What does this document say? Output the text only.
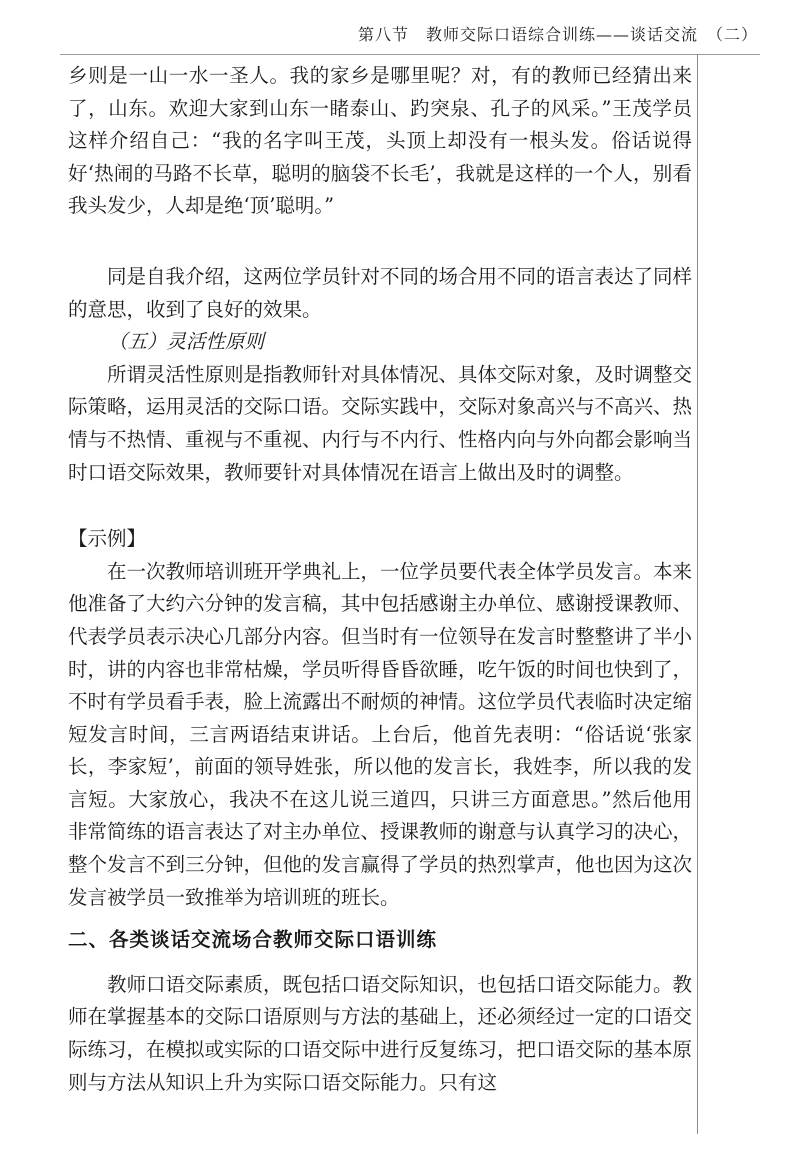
第八节　教师交际口语综合训练——谈话交流　（二）

乡则是一山一水一圣人。我的家乡是哪里呢？对，有的教师已经猜出来了，山东。欢迎大家到山东一睹泰山、趵突泉、孔子的风采。”王茂学员这样介绍自己：“我的名字叫王茂，头顶上却没有一根头发。俗话说得好‘热闹的马路不长草，聪明的脑袋不长毛’，我就是这样的一个人，别看我头发少，人却是绝‘顶’聪明。”

同是自我介绍，这两位学员针对不同的场合用不同的语言表达了同样的意思，收到了良好的效果。

（五）灵活性原则

所谓灵活性原则是指教师针对具体情况、具体交际对象，及时调整交际策略，运用灵活的交际口语。交际实践中，交际对象高兴与不高兴、热情与不热情、重视与不重视、内行与不内行、性格内向与外向都会影响当时口语交际效果，教师要针对具体情况在语言上做出及时的调整。

【示例】

在一次教师培训班开学典礼上，一位学员要代表全体学员发言。本来他准备了大约六分钟的发言稿，其中包括感谢主办单位、感谢授课教师、代表学员表示决心几部分内容。但当时有一位领导在发言时整整讲了半小时，讲的内容也非常枯燥，学员听得昏昏欲睡，吃午饭的时间也快到了，不时有学员看手表，脸上流露出不耐烦的神情。这位学员代表临时决定缩短发言时间，三言两语结束讲话。上台后，他首先表明：“俗话说‘张家长，李家短’，前面的领导姓张，所以他的发言长，我姓李，所以我的发言短。大家放心，我决不在这儿说三道四，只讲三方面意思。”然后他用非常简练的语言表达了对主办单位、授课教师的谢意与认真学习的决心，整个发言不到三分钟，但他的发言赢得了学员的热烈掌声，他也因为这次发言被学员一致推举为培训班的班长。

二、各类谈话交流场合教师交际口语训练

教师口语交际素质，既包括口语交际知识，也包括口语交际能力。教师在掌握基本的交际口语原则与方法的基础上，还必须经过一定的口语交际练习，在模拟或实际的口语交际中进行反复练习，把口语交际的基本原则与方法从知识上升为实际口语交际能力。只有这
